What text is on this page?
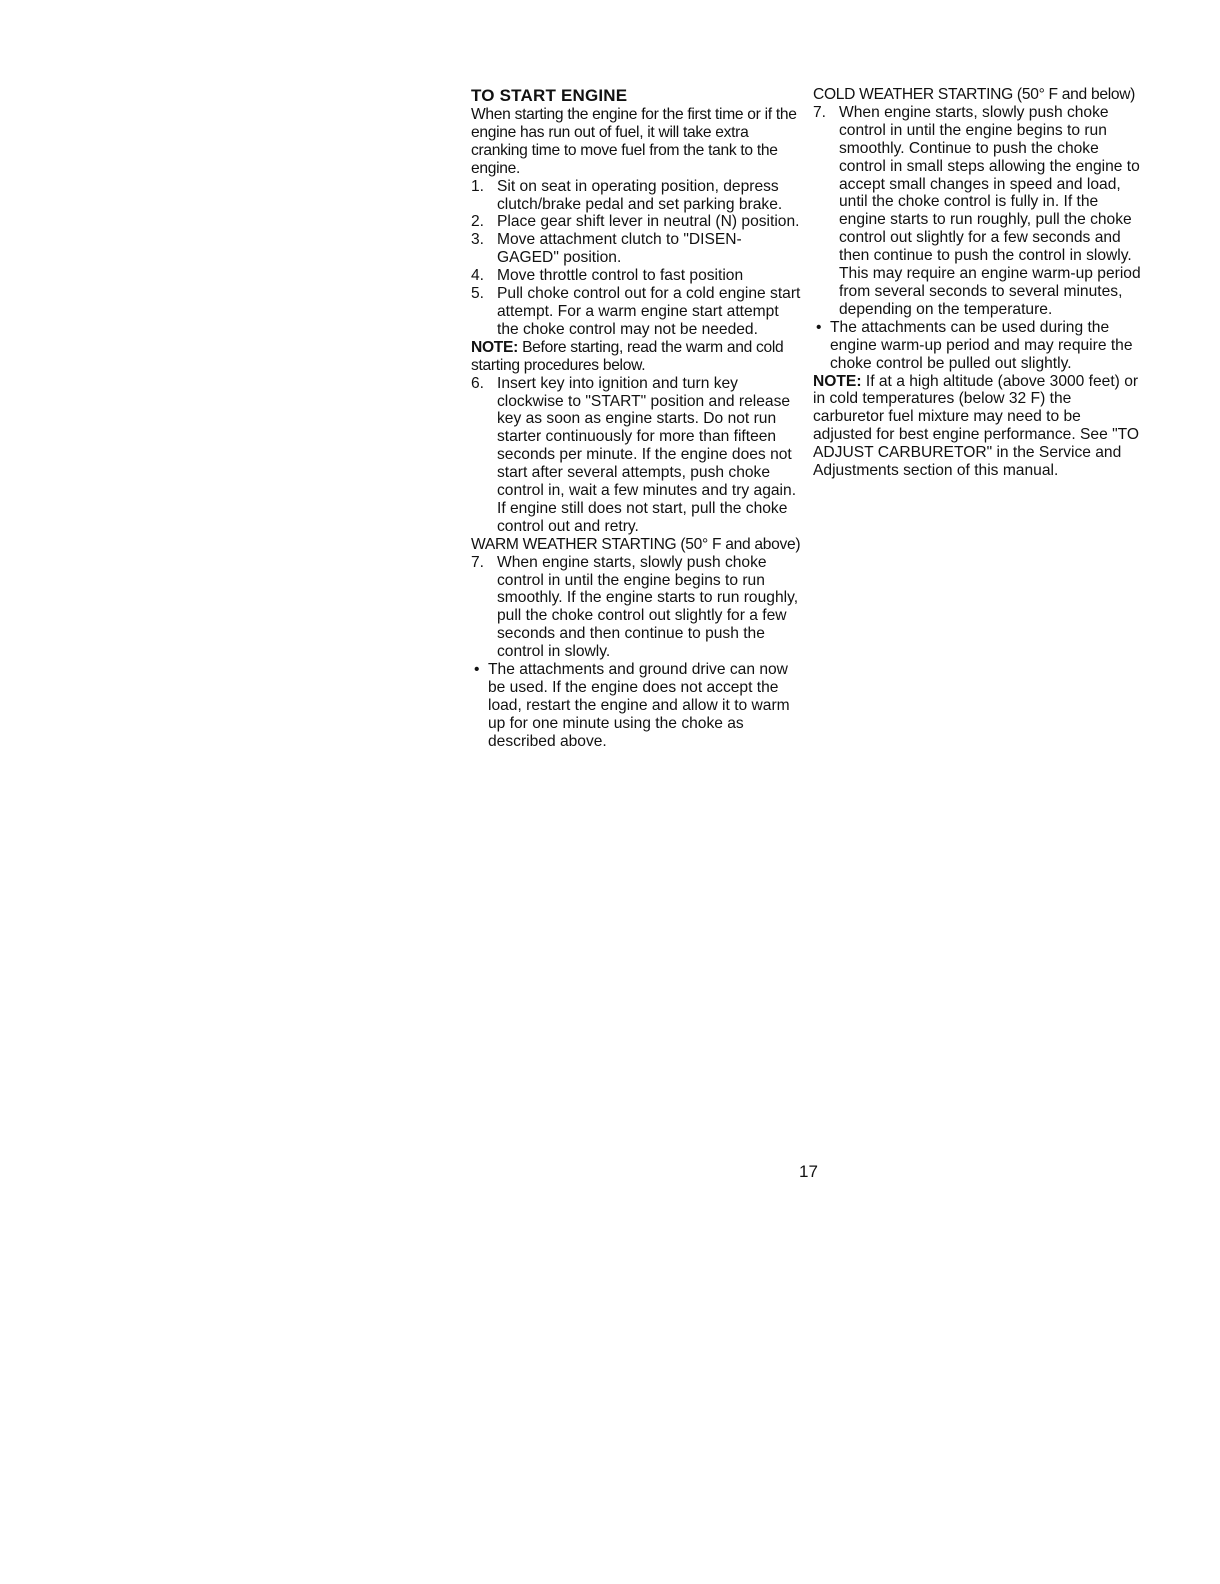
TO START ENGINE

When starting the engine for the first time or if the engine has run out of fuel, it will take extra cranking time to move fuel from the tank to the engine.

1. Sit on seat in operating position, depress clutch/brake pedal and set parking brake.
2. Place gear shift lever in neutral (N) position.
3. Move attachment clutch to "DISEN-GAGED" position.
4. Move throttle control to fast position
5. Pull choke control out for a cold engine start attempt. For a warm engine start attempt the choke control may not be needed.

NOTE: Before starting, read the warm and cold starting procedures below.

6. Insert key into ignition and turn key clockwise to "START" position and release key as soon as engine starts. Do not run starter continuously for more than fifteen seconds per minute. If the engine does not start after several attempts, push choke control in, wait a few minutes and try again. If engine still does not start, pull the choke control out and retry.

WARM WEATHER STARTING (50° F and above)

7. When engine starts, slowly push choke control in until the engine begins to run smoothly. If the engine starts to run roughly, pull the choke control out slightly for a few seconds and then continue to push the control in slowly.
• The attachments and ground drive can now be used. If the engine does not accept the load, restart the engine and allow it to warm up for one minute using the choke as described above.

COLD WEATHER STARTING (50° F and below)

7. When engine starts, slowly push choke control in until the engine begins to run smoothly. Continue to push the choke control in small steps allowing the engine to accept small changes in speed and load, until the choke control is fully in. If the engine starts to run roughly, pull the choke control out slightly for a few seconds and then continue to push the control in slowly. This may require an engine warm-up period from several seconds to several minutes, depending on the temperature.
• The attachments can be used during the engine warm-up period and may require the choke control be pulled out slightly.

NOTE: If at a high altitude (above 3000 feet) or in cold temperatures (below 32 F) the carburetor fuel mixture may need to be adjusted for best engine performance. See "TO ADJUST CARBURETOR" in the Service and Adjustments section of this manual.

17
